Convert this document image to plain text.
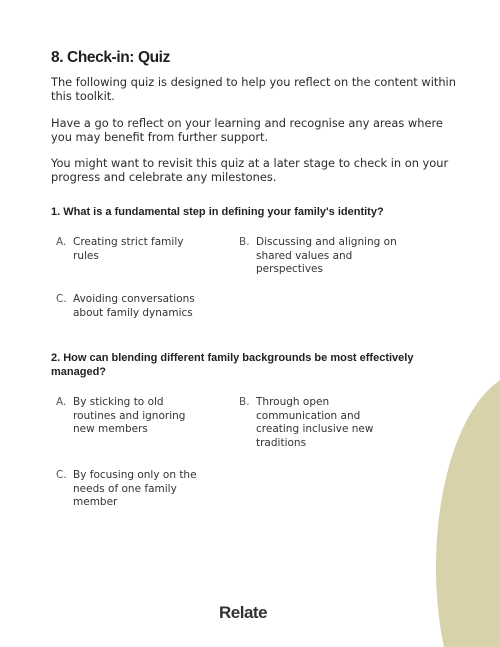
8. Check-in: Quiz

The following quiz is designed to help you reflect on the content within this toolkit.

Have a go to reflect on your learning and recognise any areas where you may benefit from further support.

You might want to revisit this quiz at a later stage to check in on your progress and celebrate any milestones.

1. What is a fundamental step in defining your family's identity?

A. Creating strict family rules
B. Discussing and aligning on shared values and perspectives
C. Avoiding conversations about family dynamics

2. How can blending different family backgrounds be most effectively managed?

A. By sticking to old routines and ignoring new members
B. Through open communication and creating inclusive new traditions
C. By focusing only on the needs of one family member
Relate
